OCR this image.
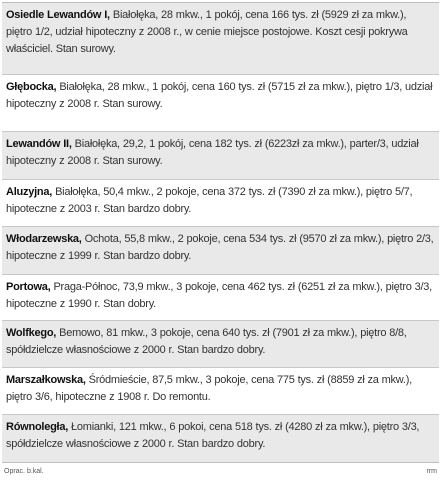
Osiedle Lewandów I, Białołęka, 28 mkw., 1 pokój, cena 166 tys. zł (5929 zł za mkw.), piętro 1/2, udział hipoteczny z 2008 r., w cenie miejsce postojowe. Koszt cesji pokrywa właściciel. Stan surowy.
Głębocka, Białołęka, 28 mkw., 1 pokój, cena 160 tys. zł (5715 zł za mkw.), piętro 1/3, udział hipoteczny z 2008 r. Stan surowy.
Lewandów II, Białołęka, 29,2, 1 pokój, cena 182 tys. zł (6223zł za mkw.), parter/3, udział hipoteczny z 2008 r. Stan surowy.
Aluzyjna, Białołęka, 50,4 mkw., 2 pokoje, cena 372 tys. zł (7390 zł za mkw.), piętro 5/7, hipoteczne z 2003 r. Stan bardzo dobry.
Włodarzewska, Ochota, 55,8 mkw., 2 pokoje, cena 534 tys. zł (9570 zł za mkw.), piętro 2/3, hipoteczne z 1999 r. Stan bardzo dobry.
Portowa, Praga-Północ, 73,9 mkw., 3 pokoje, cena 462 tys. zł (6251 zł za mkw.), piętro 3/3, hipoteczne z 1990 r. Stan dobry.
Wolfkego, Bemowo, 81 mkw., 3 pokoje, cena 640 tys. zł (7901 zł za mkw.), piętro 8/8, spółdzielcze własnościowe z 2000 r. Stan bardzo dobry.
Marszałkowska, Śródmieście, 87,5 mkw., 3 pokoje, cena 775 tys. zł (8859 zł za mkw.), piętro 3/6, hipoteczne z 1908 r. Do remontu.
Równoległa, Łomianki, 121 mkw., 6 pokoi, cena 518 tys. zł (4280 zł za mkw.), piętro 3/3, spółdzielcze własnościowe z 2000 r. Stan bardzo dobry.
Oprac. b.kal.	rrm
